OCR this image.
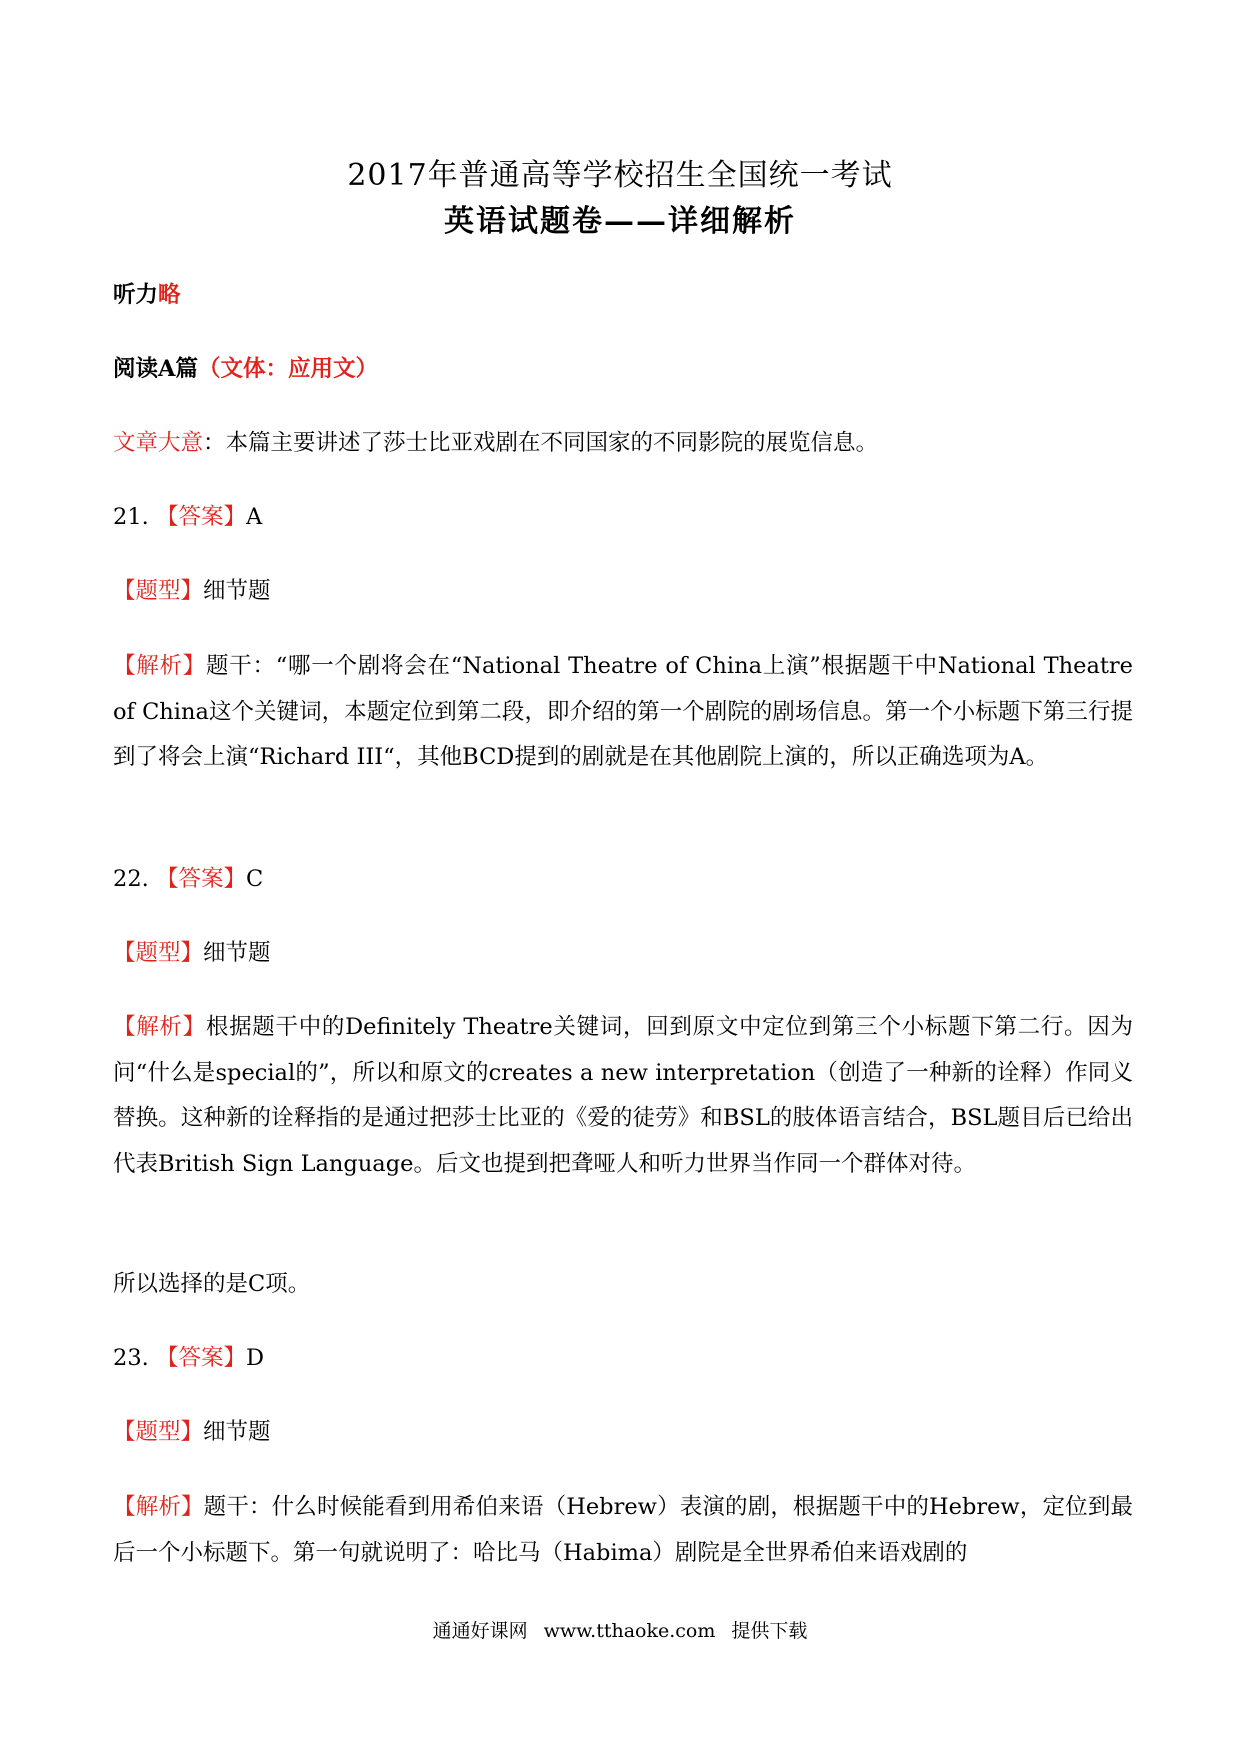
2017年普通高等学校招生全国统一考试
英语试题卷——详细解析
听力略
阅读A篇（文体：应用文）
文章大意：本篇主要讲述了莎士比亚戏剧在不同国家的不同影院的展览信息。
21. 【答案】A
【题型】细节题
【解析】题干：“哪一个剧将会在“National Theatre of China上演”根据题干中National Theatre of China这个关键词，本题定位到第二段，即介绍的第一个剧院的剧场信息。第一个小标题下第三行提到了将会上演“Richard III“，其他BCD提到的剧就是在其他剧院上演的，所以正确选项为A。
22. 【答案】C
【题型】细节题
【解析】根据题干中的Definitely Theatre关键词，回到原文中定位到第三个小标题下第二行。因为问“什么是special的”，所以和原文的creates a new interpretation（创造了一种新的诠释）作同义替换。这种新的诠释指的是通过把莎士比亚的《爱的徒劳》和BSL的肢体语言结合，BSL题目后已给出代表British Sign Language。后文也提到把聋哑人和听力世界当作同一个群体对待。
所以选择的是C项。
23. 【答案】D
【题型】细节题
【解析】题干：什么时候能看到用希伯来语（Hebrew）表演的剧，根据题干中的Hebrew，定位到最后一个小标题下。第一句就说明了：哈比马（Habima）剧院是全世界希伯来语戏剧的
通通好课网 www.tthaoke.com 提供下载
